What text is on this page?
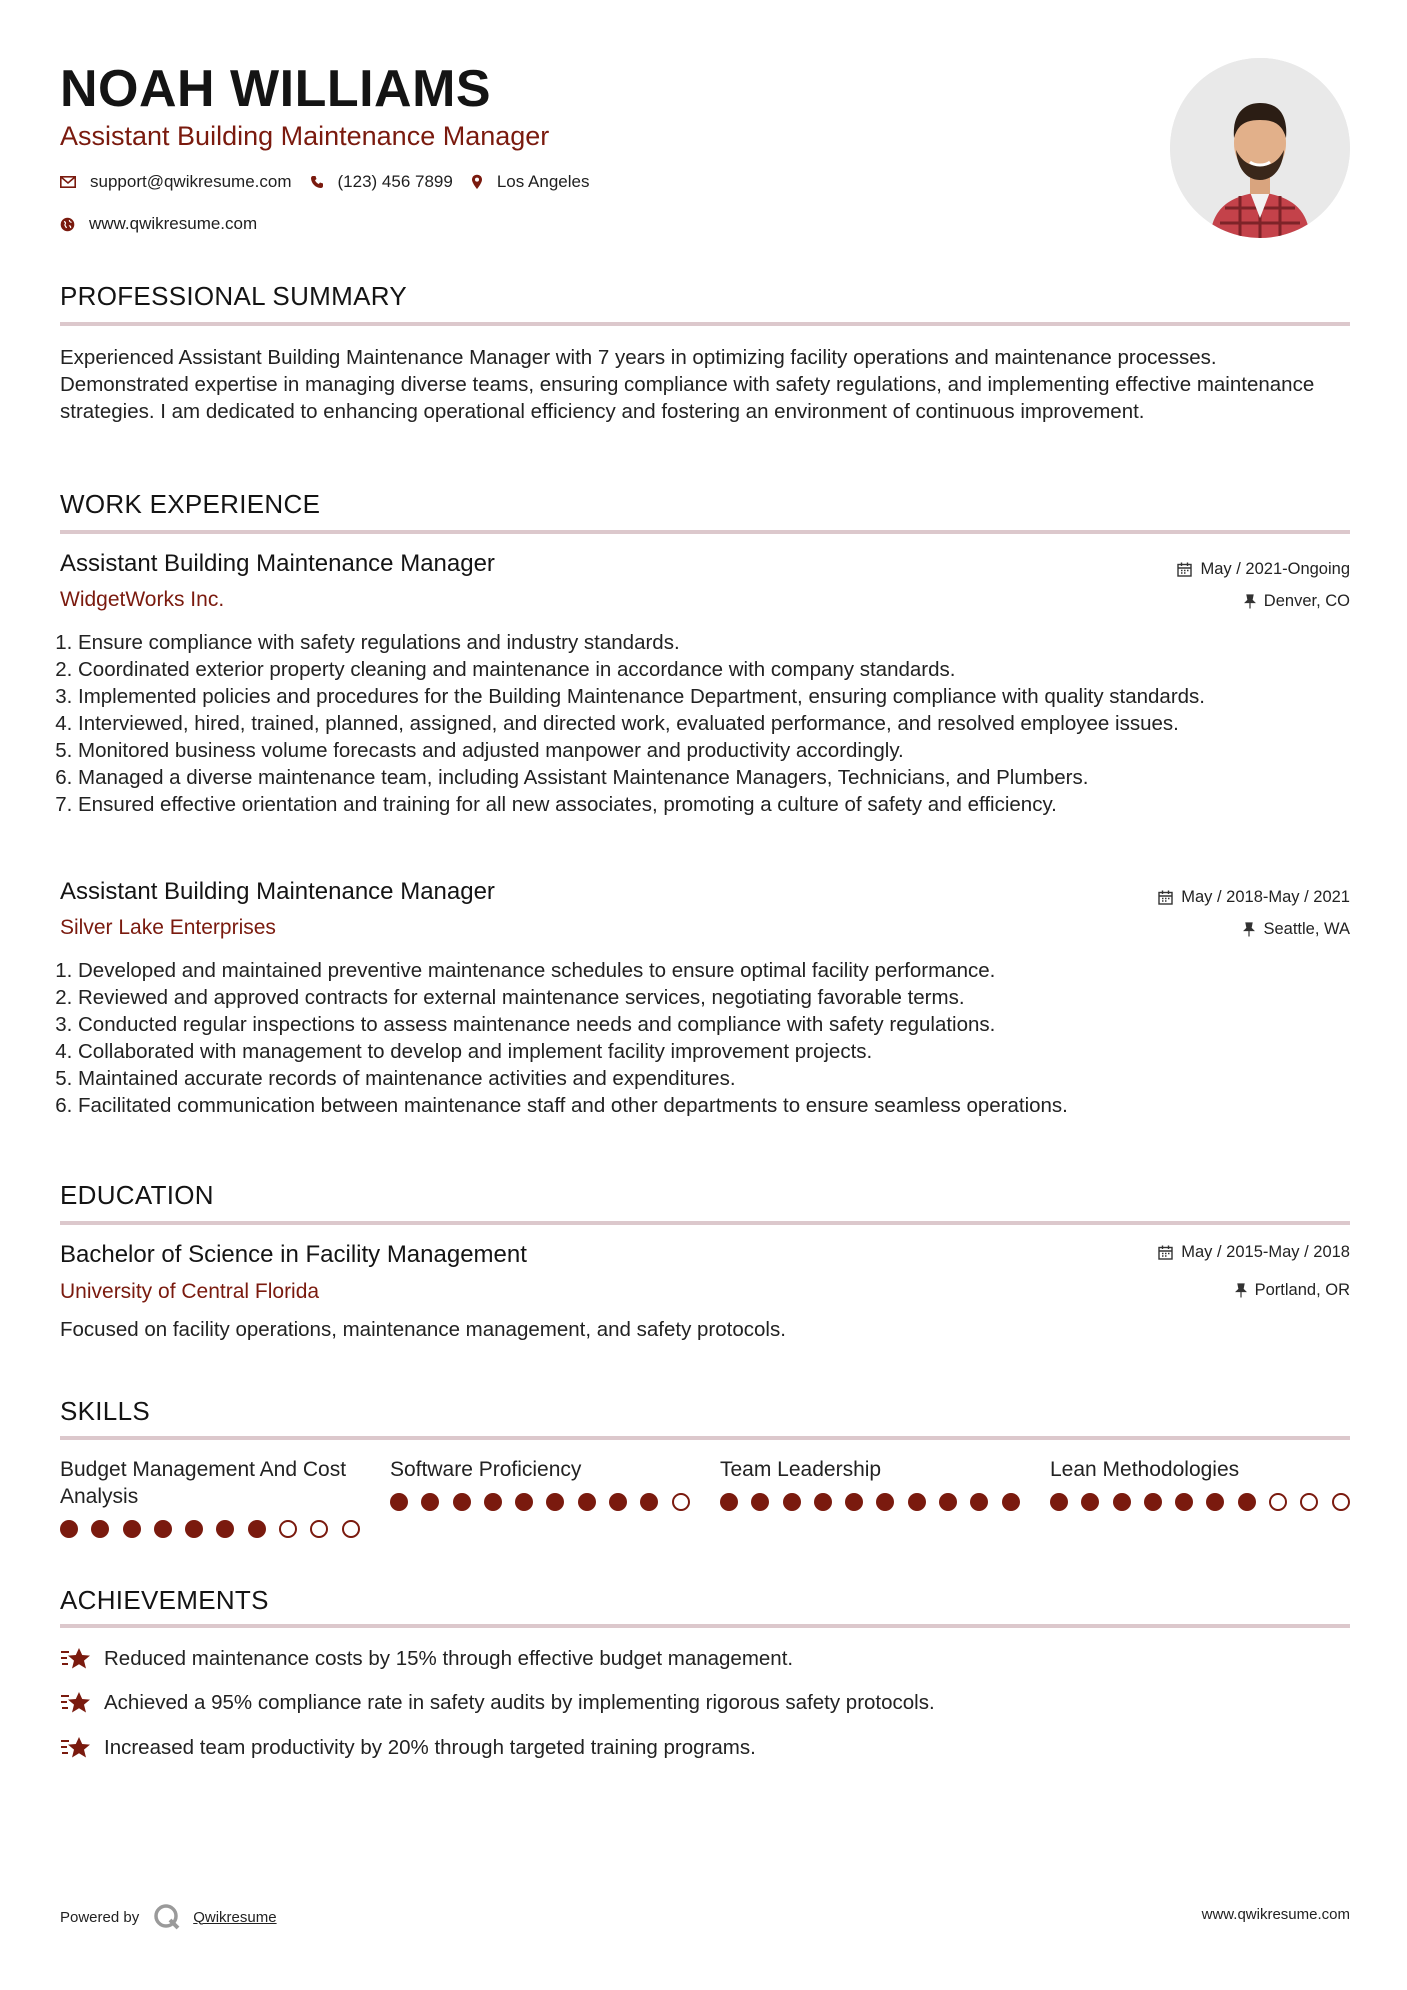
NOAH WILLIAMS
Assistant Building Maintenance Manager
support@qwikresume.com	(123) 456 7899	Los Angeles
www.qwikresume.com
PROFESSIONAL SUMMARY
Experienced Assistant Building Maintenance Manager with 7 years in optimizing facility operations and maintenance processes. Demonstrated expertise in managing diverse teams, ensuring compliance with safety regulations, and implementing effective maintenance strategies. I am dedicated to enhancing operational efficiency and fostering an environment of continuous improvement.
WORK EXPERIENCE
Assistant Building Maintenance Manager	May / 2021-Ongoing
WidgetWorks Inc.	Denver, CO
1. Ensure compliance with safety regulations and industry standards.
2. Coordinated exterior property cleaning and maintenance in accordance with company standards.
3. Implemented policies and procedures for the Building Maintenance Department, ensuring compliance with quality standards.
4. Interviewed, hired, trained, planned, assigned, and directed work, evaluated performance, and resolved employee issues.
5. Monitored business volume forecasts and adjusted manpower and productivity accordingly.
6. Managed a diverse maintenance team, including Assistant Maintenance Managers, Technicians, and Plumbers.
7. Ensured effective orientation and training for all new associates, promoting a culture of safety and efficiency.
Assistant Building Maintenance Manager	May / 2018-May / 2021
Silver Lake Enterprises	Seattle, WA
1. Developed and maintained preventive maintenance schedules to ensure optimal facility performance.
2. Reviewed and approved contracts for external maintenance services, negotiating favorable terms.
3. Conducted regular inspections to assess maintenance needs and compliance with safety regulations.
4. Collaborated with management to develop and implement facility improvement projects.
5. Maintained accurate records of maintenance activities and expenditures.
6. Facilitated communication between maintenance staff and other departments to ensure seamless operations.
EDUCATION
Bachelor of Science in Facility Management	May / 2015-May / 2018
University of Central Florida	Portland, OR
Focused on facility operations, maintenance management, and safety protocols.
SKILLS
Budget Management And Cost Analysis
Software Proficiency	Team Leadership	Lean Methodologies
ACHIEVEMENTS
Reduced maintenance costs by 15% through effective budget management.
Achieved a 95% compliance rate in safety audits by implementing rigorous safety protocols.
Increased team productivity by 20% through targeted training programs.
Powered by	Qwikresume	www.qwikresume.com
